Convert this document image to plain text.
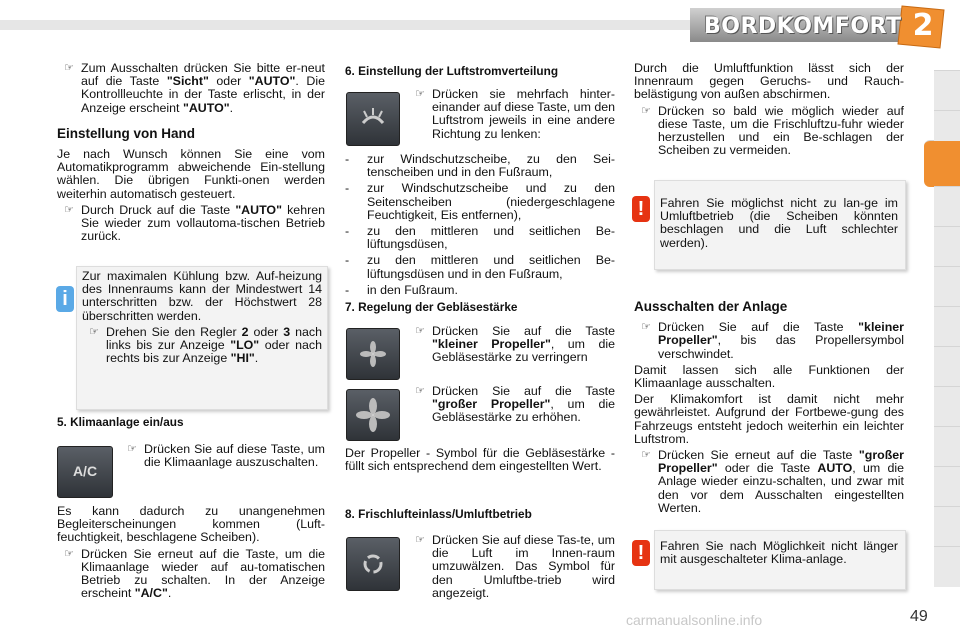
BORDKOMFORT 2
☞ Zum Ausschalten drücken Sie bitte er-neut auf die Taste "Sicht" oder "AUTO". Die Kontrollleuchte in der Taste erlischt, in der Anzeige erscheint "AUTO".
Einstellung von Hand
Je nach Wunsch können Sie eine vom Automatikprogramm abweichende Ein-stellung wählen. Die übrigen Funkti-onen werden weiterhin automatisch gesteuert.
☞ Durch Druck auf die Taste "AUTO" kehren Sie wieder zum vollautoma-tischen Betrieb zurück.
i
Zur maximalen Kühlung bzw. Auf-heizung des Innenraums kann der Mindestwert 14 unterschritten bzw. der Höchstwert 28 überschritten werden.
☞ Drehen Sie den Regler 2 oder 3 nach links bis zur Anzeige "LO" oder nach rechts bis zur Anzeige "HI".
5. Klimaanlage ein/aus
A/C
☞ Drücken Sie auf diese Taste, um die Klimaanlage auszuschalten.
Es kann dadurch zu unangenehmen Begleiterscheinungen kommen (Luft-feuchtigkeit, beschlagene Scheiben).
☞ Drücken Sie erneut auf die Taste, um die Klimaanlage wieder auf au-tomatischen Betrieb zu schalten. In der Anzeige erscheint "A/C".
6. Einstellung der Luftstromverteilung
☞ Drücken sie mehrfach hinter-einander auf diese Taste, um den Luftstrom jeweils in eine andere Richtung zu lenken:
-	zur Windschutzscheibe, zu den Sei-tenscheiben und in den Fußraum,
-	zur Windschutzscheibe und zu den Seitenscheiben (niedergeschlagene Feuchtigkeit, Eis entfernen),
-	zu den mittleren und seitlichen Be-lüftungsdüsen,
-	zu den mittleren und seitlichen Be-lüftungsdüsen und in den Fußraum,
-	in den Fußraum.
7. Regelung der Gebläsestärke
☞ Drücken Sie auf die Taste "kleiner Propeller", um die Gebläsestärke zu verringern
☞ Drücken Sie auf die Taste "großer Propeller", um die Gebläsestärke zu erhöhen.
Der Propeller - Symbol für die Gebläsestärke - füllt sich entsprechend dem eingestellten Wert.
8. Frischlufteinlass/Umluftbetrieb
☞ Drücken Sie auf diese Tas-te, um die Luft im Innen-raum umzuwälzen. Das Symbol für den Umluftbe-trieb wird angezeigt.
Durch die Umluftfunktion lässt sich der Innenraum gegen Geruchs- und Rauch-belästigung von außen abschirmen.
☞ Drücken so bald wie möglich wieder auf diese Taste, um die Frischluftzu-fuhr wieder herzustellen und ein Be-schlagen der Scheiben zu vermeiden.
!	Fahren Sie möglichst nicht zu lan-ge im Umluftbetrieb (die Scheiben könnten beschlagen und die Luft schlechter werden).
Ausschalten der Anlage
☞ Drücken Sie auf die Taste "kleiner Propeller", bis das Propellersymbol verschwindet.
Damit lassen sich alle Funktionen der Klimaanlage ausschalten.
Der Klimakomfort ist damit nicht mehr gewährleistet. Aufgrund der Fortbewe-gung des Fahrzeugs entsteht jedoch weiterhin ein leichter Luftstrom.
☞ Drücken Sie erneut auf die Taste "großer Propeller" oder die Taste AUTO, um die Anlage wieder einzu-schalten, und zwar mit den vor dem Ausschalten eingestellten Werten.
!	Fahren Sie nach Möglichkeit nicht länger mit ausgeschalteter Klima-anlage.
49
carmanualsonline.info
